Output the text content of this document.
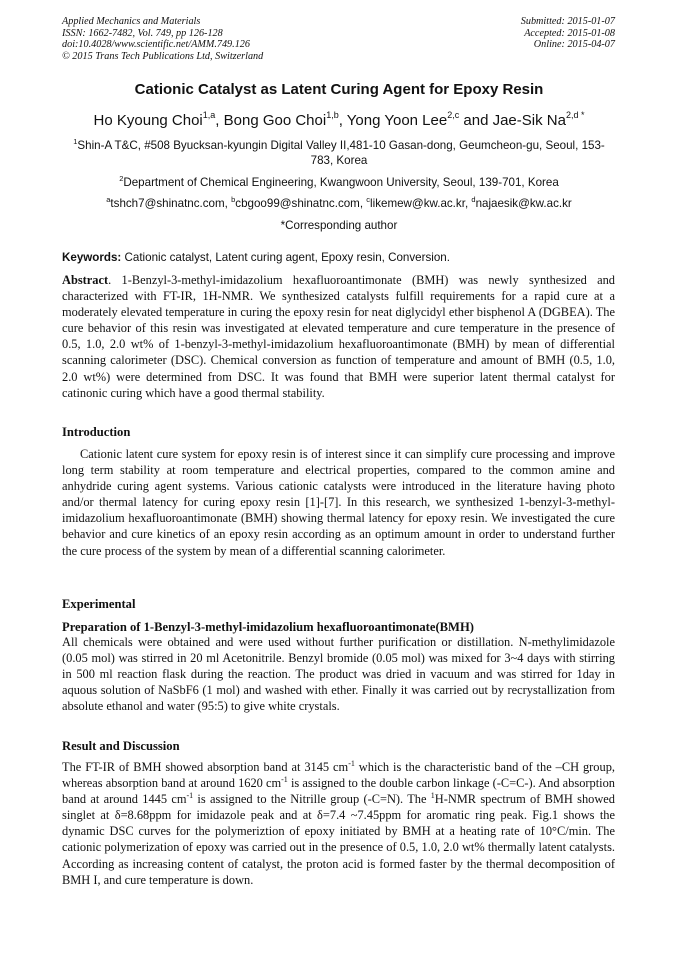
Applied Mechanics and Materials
ISSN: 1662-7482, Vol. 749, pp 126-128
doi:10.4028/www.scientific.net/AMM.749.126
© 2015 Trans Tech Publications Ltd, Switzerland
Submitted: 2015-01-07
Accepted: 2015-01-08
Online: 2015-04-07
Cationic Catalyst as Latent Curing Agent for Epoxy Resin
Ho Kyoung Choi$^{1,a}$, Bong Goo Choi$^{1,b}$, Yong Yoon Lee$^{2,c}$ and Jae-Sik $Na^{2,d *}$
$^1$Shin-A T&C, #508 Byucksan-kyungin Digital Valley II,481-10 Gasan-dong, Geumcheon-gu, Seoul, 153-783, Korea
$^2$Department of Chemical Engineering, Kwangwoon University, Seoul, 139-701, Korea
$^a$tshch7@shinatnc.com, $^b$cbgoo99@shinatnc.com, $^c$likemew@kw.ac.kr, $^d$najaesik@kw.ac.kr
*Corresponding author
Keywords: Cationic catalyst, Latent curing agent, Epoxy resin, Conversion.

Abstract. 1-Benzyl-3-methyl-imidazolium hexafluoroantimonate (BMH) was newly synthesized and characterized with FT-IR, 1H-NMR. We synthesized catalysts fulfill requirements for a rapid cure at a moderately elevated temperature in curing the epoxy resin for neat diglycidyl ether bisphenol A (DGBEA). The cure behavior of this resin was investigated at elevated temperature and cure temperature in the presence of 0.5, 1.0, 2.0 wt% of 1-benzyl-3-methyl-imidazolium hexafluoroantimonate (BMH) by mean of differential scanning calorimeter (DSC). Chemical conversion as function of temperature and amount of BMH (0.5, 1.0, 2.0 wt%) were determined from DSC. It was found that BMH were superior latent thermal catalyst for catinonic curing which have a good thermal stability.

Introduction

Cationic latent cure system for epoxy resin is of interest since it can simplify cure processing and improve long term stability at room temperature and electrical properties, compared to the common amine and anhydride curing agent systems. Various cationic catalysts were introduced in the literature having photo and/or thermal latency for curing epoxy resin [1]-[7]. In this research, we synthesized 1-benzyl-3-methyl-imidazolium hexafluoroantimonate (BMH) showing thermal latency for epoxy resin. We investigated the cure behavior and cure kinetics of an epoxy resin according as an optimum amount in order to understand further the cure process of the system by mean of a differential scanning calorimeter.

Experimental
Preparation of 1-Benzyl-3-methyl-imidazolium hexafluoroantimonate(BMH)

All chemicals were obtained and were used without further purification or distillation. N-methylimidazole (0.05 mol) was stirred in 20 ml Acetonitrile. Benzyl bromide (0.05 mol) was mixed for 3~4 days with stirring in 500 ml reaction flask during the reaction. The product was dried in vacuum and was stirred for 1day in aquous solution of NaSbF6 (1 mol) and washed with ether. Finally it was carried out by recrystallization from absolute ethanol and water (95:5) to give white crystals.

Result and Discussion

The FT-IR of BMH showed absorption band at 3145 $cm^{-1}$ which is the characteristic band of the –CH group, whereas absorption band at around 1620 $cm^{-1}$ is assigned to the double carbon linkage (-C=C-). And absorption band at around 1445 $cm^{-1}$ is assigned to the Nitrille group (-C=N). The $^1$H-NMR spectrum of BMH showed singlet at δ=8.68ppm for imidazole peak and at δ=7.4 ~7.45ppm for aromatic ring peak. Fig.1 shows the dynamic DSC curves for the polymeriztion of epoxy initiated by BMH at a heating rate of 10°C/min. The cationic polymerization of epoxy was carried out in the presence of 0.5, 1.0, 2.0 wt% thermally latent catalysts. According as increasing content of catalyst, the proton acid is formed faster by the thermal decomposition of BMH I, and cure temperature is down.
